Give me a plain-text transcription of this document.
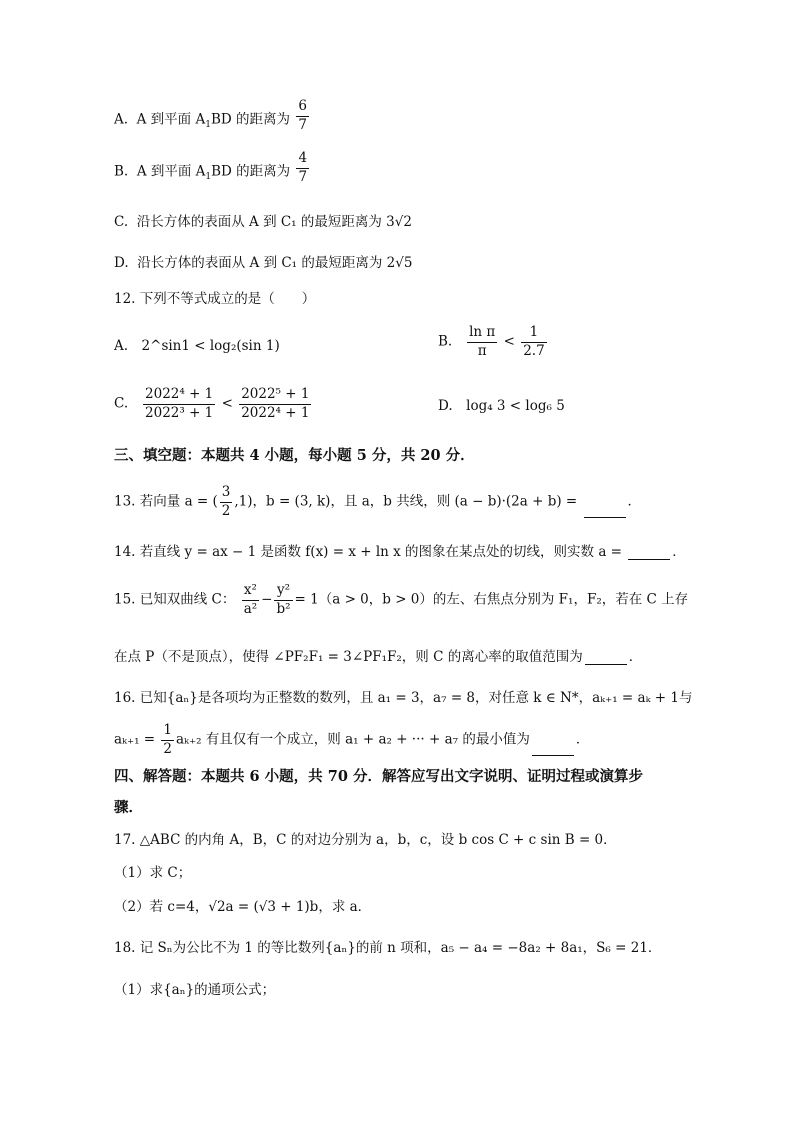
A. A 到平面 $A_1BD$ 的距离为 $\frac{6}{7}$
B. A 到平面 $A_1BD$ 的距离为 $\frac{4}{7}$
C. 沿长方体的表面从 A 到 C₁ 的最短距离为 3√2
D. 沿长方体的表面从 A 到 C₁ 的最短距离为 2√5
12. 下列不等式成立的是（　　）
A.　2^sin1 < log₂(sin 1)	B. $\frac{\text{ln π}}{\pi} < \frac{1}{2.7}$
C. $\frac{\text{2022⁴ + 1}}{\text{2022³ + 1}} < \frac{\text{2022⁵ + 1}}{\text{2022⁴ + 1}}$	D.　log₄ 3 < log₆ 5
三、填空题：本题共 4 小题，每小题 5 分，共 20 分．
13. 若向量 a = ( $\frac{3}{2} ,1$)，b = (3, k)，且 a，b 共线，则 (a − b)·(2a + b) =	．
14. 若直线 y = ax − 1 是函数 f(x) = x + ln x 的图象在某点处的切线，则实数 a =	．
15. 已知双曲线 C： $\frac{\text{x²}}{\text{a²}} - \frac{\text{y²}}{\text{b²}} = 1(a > 0$，b > 0）的左、右焦点分别为 F₁，F₂，若在 C 上存
在点 P（不是顶点），使得 ∠PF₂F₁ = 3∠PF₁F₂，则 C 的离心率的取值范围为	．
16. 已知{aₙ}是各项均为正整数的数列，且 a₁ = 3，a₇ = 8，对任意 k ∈ N*，aₖ₊₁ = aₖ + 1与
$a_{k+1} = \frac{1}{2} a_{k+2}$ 有且仅有一个成立，则 a₁ + a₂ + ··· + a₇ 的最小值为	．
四、解答题：本题共 6 小题，共 70 分．解答应写出文字说明、证明过程或演算步
骤．
17. △ABC 的内角 A，B，C 的对边分别为 a，b，c，设 b cos C + c sin B = 0．
（1）求 C；
（2）若 c=4，√2a = (√3 + 1)b，求 a．
18. 记 Sₙ为公比不为 1 的等比数列{aₙ}的前 n 项和，a₅ − a₄ = −8a₂ + 8a₁，S₆ = 21．
（1）求{aₙ}的通项公式；
